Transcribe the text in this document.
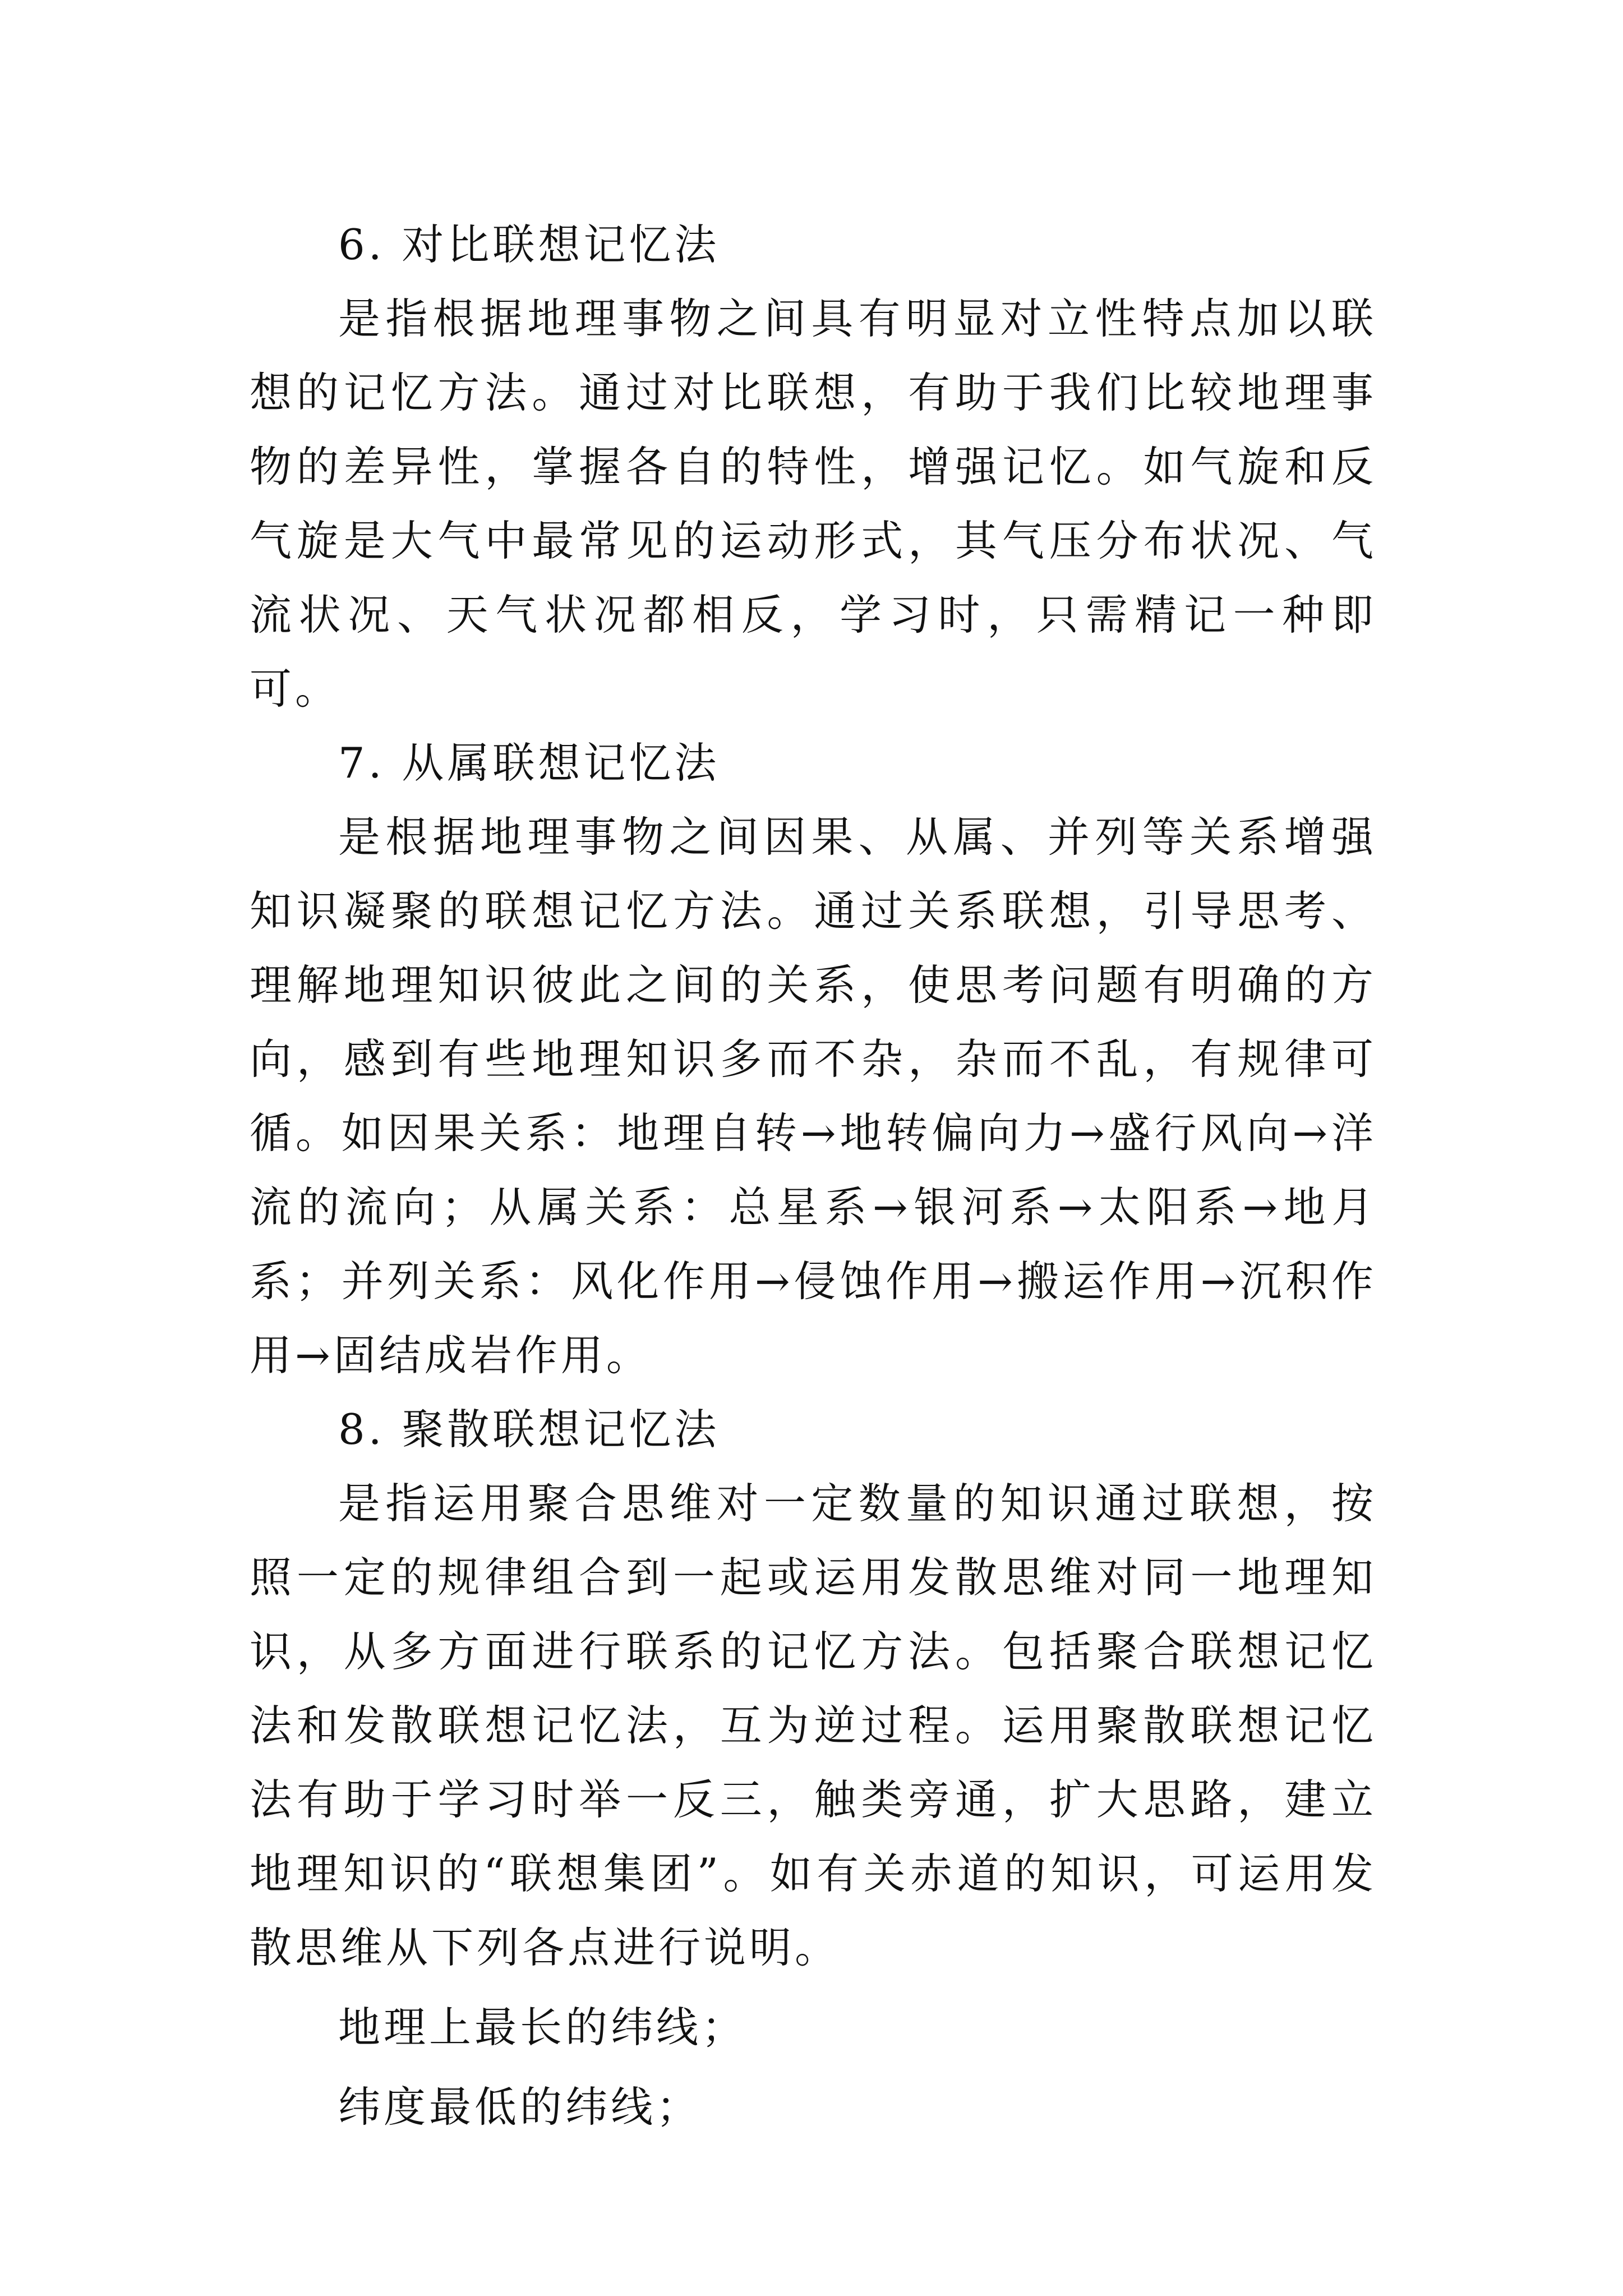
6. 对比联想记忆法

是指根据地理事物之间具有明显对立性特点加以联想的记忆方法。通过对比联想，有助于我们比较地理事物的差异性，掌握各自的特性，增强记忆。如气旋和反气旋是大气中最常见的运动形式，其气压分布状况、气流状况、天气状况都相反，学习时，只需精记一种即可。

7. 从属联想记忆法

是根据地理事物之间因果、从属、并列等关系增强知识凝聚的联想记忆方法。通过关系联想，引导思考、理解地理知识彼此之间的关系，使思考问题有明确的方向，感到有些地理知识多而不杂，杂而不乱，有规律可循。如因果关系：地理自转→地转偏向力→盛行风向→洋流的流向；从属关系：总星系→银河系→太阳系→地月系；并列关系：风化作用→侵蚀作用→搬运作用→沉积作用→固结成岩作用。

8. 聚散联想记忆法

是指运用聚合思维对一定数量的知识通过联想，按照一定的规律组合到一起或运用发散思维对同一地理知识，从多方面进行联系的记忆方法。包括聚合联想记忆法和发散联想记忆法，互为逆过程。运用聚散联想记忆法有助于学习时举一反三，触类旁通，扩大思路，建立地理知识的“联想集团”。如有关赤道的知识，可运用发散思维从下列各点进行说明。

地理上最长的纬线；

纬度最低的纬线；
